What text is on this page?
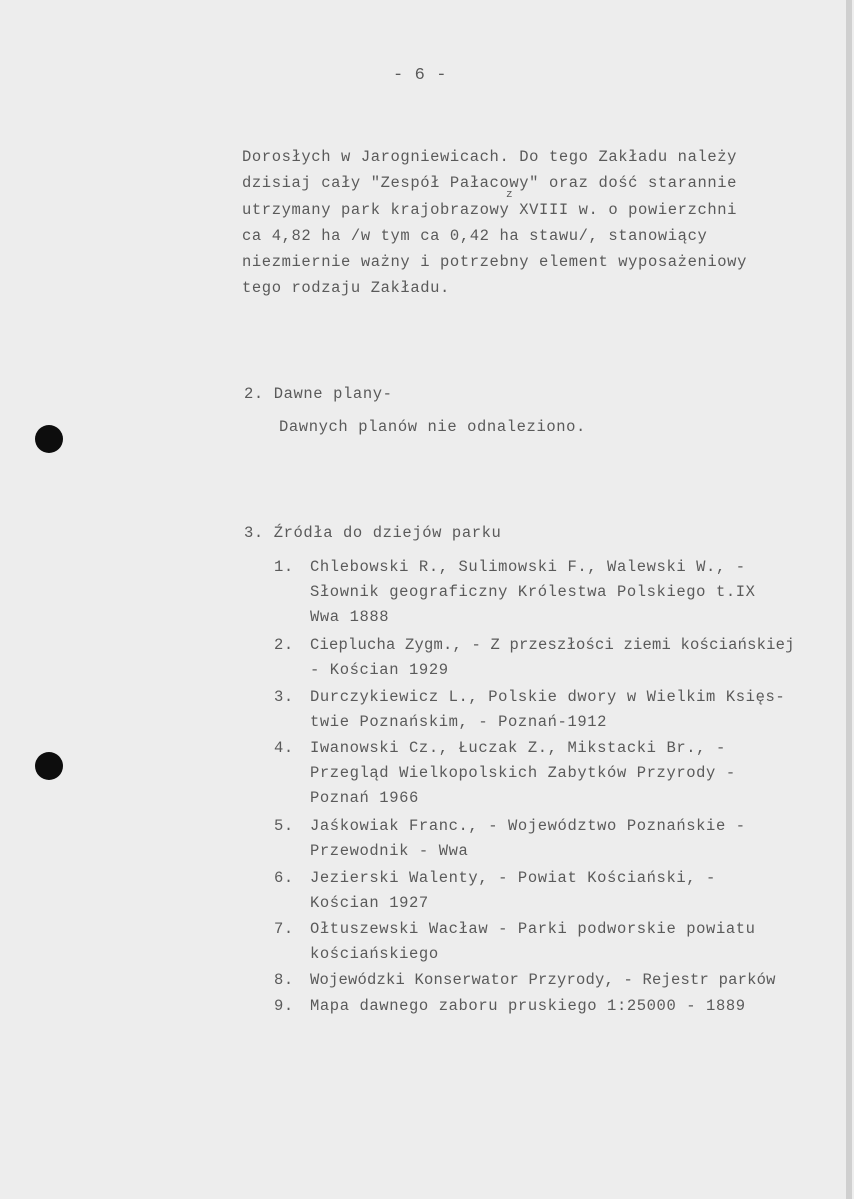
- 6 -
Dorosłych w Jarogniewicach. Do tego Zakładu należy
dzisiaj cały "Zespół Pałacowy" oraz dość starannie
z
utrzymany park krajobrazowy XVIII w. o powierzchni
ca 4,82 ha /w tym ca 0,42 ha stawu/, stanowiący
niezmiernie ważny i potrzebny element wyposażeniowy
tego rodzaju Zakładu.
2. Dawne plany-
Dawnych planów nie odnaleziono.
3. Źródła do dziejów parku
1. Chlebowski R., Sulimowski F., Walewski W., -
Słownik geograficzny Królestwa Polskiego t.IX
Wwa 1888
2. Cieplucha Zygm., - Z przeszłości ziemi kościańskiej
- Kościan 1929
3. Durczykiewicz L., Polskie dwory w Wielkim Księs-
twie Poznańskim, - Poznań-1912
4. Iwanowski Cz., Łuczak Z., Mikstacki Br., -
Przegląd Wielkopolskich Zabytków Przyrody -
Poznań 1966
5. Jaśkowiak Franc., - Województwo Poznańskie -
Przewodnik - Wwa
6. Jezierski Walenty, - Powiat Kościański, -
Kościan 1927
7. Ołtuszewski Wacław - Parki podworskie powiatu
kościańskiego
8. Wojewódzki Konserwator Przyrody, - Rejestr parków
9. Mapa dawnego zaboru pruskiego 1:25000 - 1889
